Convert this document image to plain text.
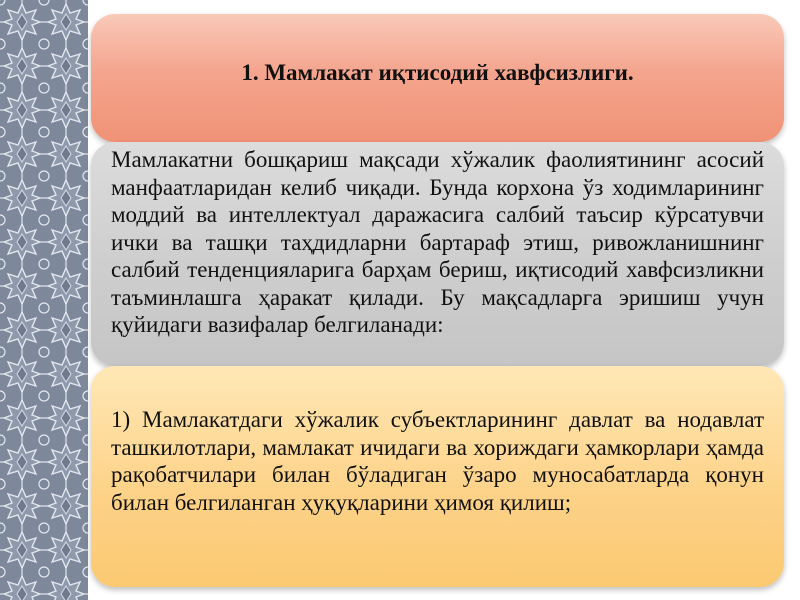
1. Мамлакат иқтисодий хавфсизлиги.

Мамлакатни бошқариш мақсади хўжалик фаолиятининг асосий манфаатларидан келиб чиқади. Бунда корхона ўз ходимларининг моддий ва интеллектуал даражасига салбий таъсир кўрсатувчи ички ва ташқи таҳдидларни бартараф этиш, ривожланишнинг салбий тенденцияларига барҳам бериш, иқтисодий хавфсизликни таъминлашга ҳаракат қилади. Бу мақсадларга эришиш учун қуйидаги вазифалар белгиланади:

1) Мамлакатдаги хўжалик субъектларининг давлат ва нодавлат ташкилотлари, мамлакат ичидаги ва хориждаги ҳамкорлари ҳамда рақобатчилари билан бўладиган ўзаро муносабатларда қонун билан белгиланган ҳуқуқларини ҳимоя қилиш;
